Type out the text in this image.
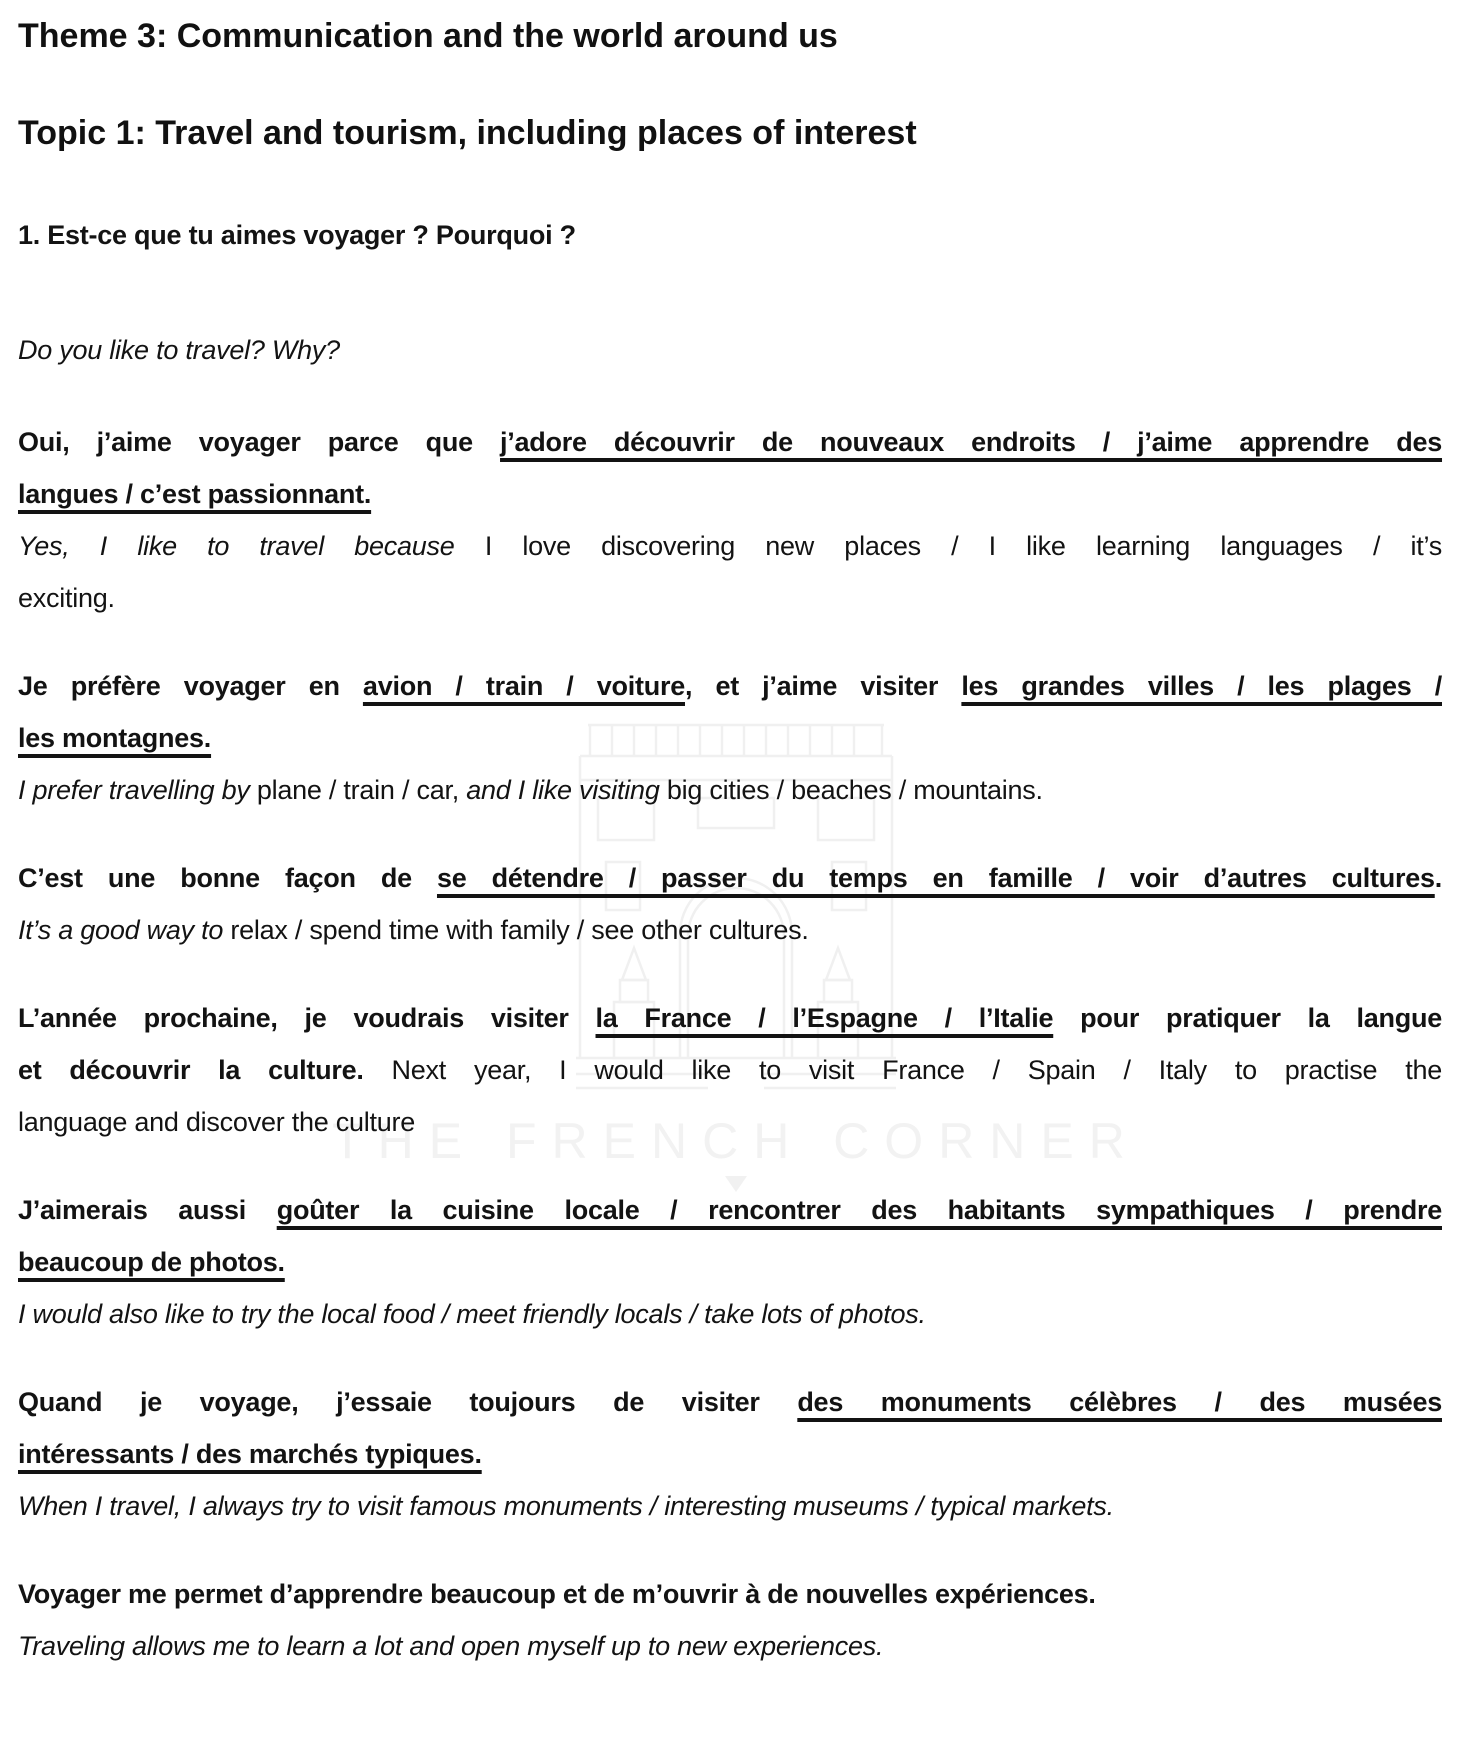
THE FRENCH CORNER
Theme 3: Communication and the world around us
Topic 1: Travel and tourism, including places of interest
1. Est-ce que tu aimes voyager ? Pourquoi ?
Do you like to travel? Why?
Oui, j’aime voyager parce que j’adore découvrir de nouveaux endroits / j’aime apprendre des
langues / c’est passionnant.
Yes, I like to travel because I love discovering new places / I like learning languages / it’s
exciting.
Je préfère voyager en avion / train / voiture, et j’aime visiter les grandes villes / les plages /
les montagnes.
I prefer travelling by plane / train / car, and I like visiting big cities / beaches / mountains.
C’est une bonne façon de se détendre / passer du temps en famille / voir d’autres cultures.
It’s a good way to relax / spend time with family / see other cultures.
L’année prochaine, je voudrais visiter la France / l’Espagne / l’Italie pour pratiquer la langue
et découvrir la culture. Next year, I would like to visit France / Spain / Italy to practise the
language and discover the culture
J’aimerais aussi goûter la cuisine locale / rencontrer des habitants sympathiques / prendre
beaucoup de photos.
I would also like to try the local food / meet friendly locals / take lots of photos.
Quand je voyage, j’essaie toujours de visiter des monuments célèbres / des musées
intéressants / des marchés typiques.
When I travel, I always try to visit famous monuments / interesting museums / typical markets.
Voyager me permet d’apprendre beaucoup et de m’ouvrir à de nouvelles expériences.
Traveling allows me to learn a lot and open myself up to new experiences.
